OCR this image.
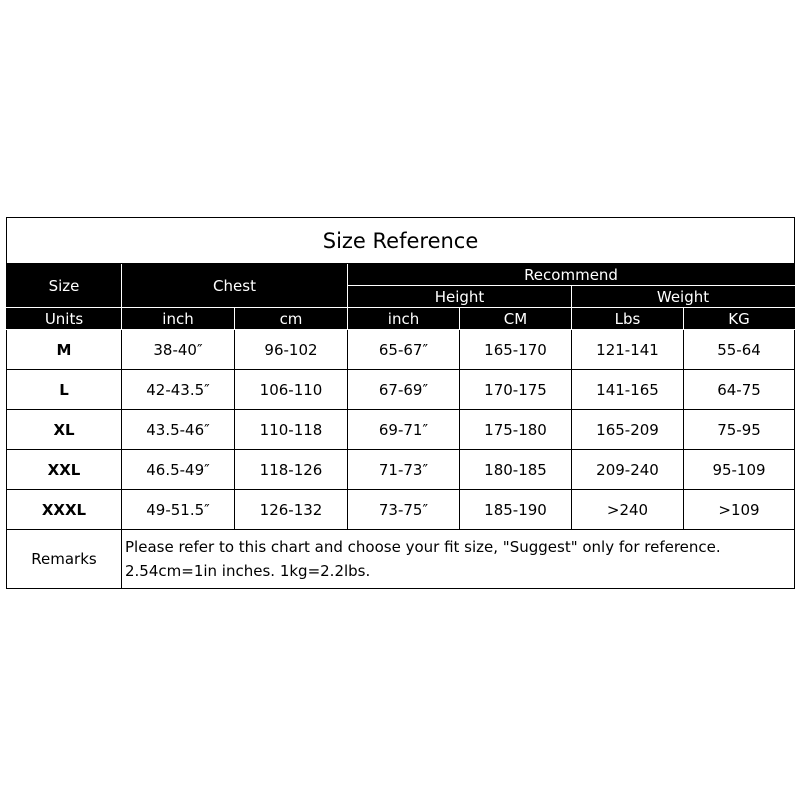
Size Reference						
Size	Chest		Recommend			
			Height		Weight	
Units	inch	cm	inch	CM	Lbs	KG
M	38-40″	96-102	65-67″	165-170	121-141	55-64
L	42-43.5″	106-110	67-69″	170-175	141-165	64-75
XL	43.5-46″	110-118	69-71″	175-180	165-209	75-95
XXL	46.5-49″	118-126	71-73″	180-185	209-240	95-109
XXXL	49-51.5″	126-132	73-75″	185-190	>240	>109
Remarks	Please refer to this chart and choose your fit size, "Suggest" only for reference.
2.54cm=1in inches. 1kg=2.2lbs.					
